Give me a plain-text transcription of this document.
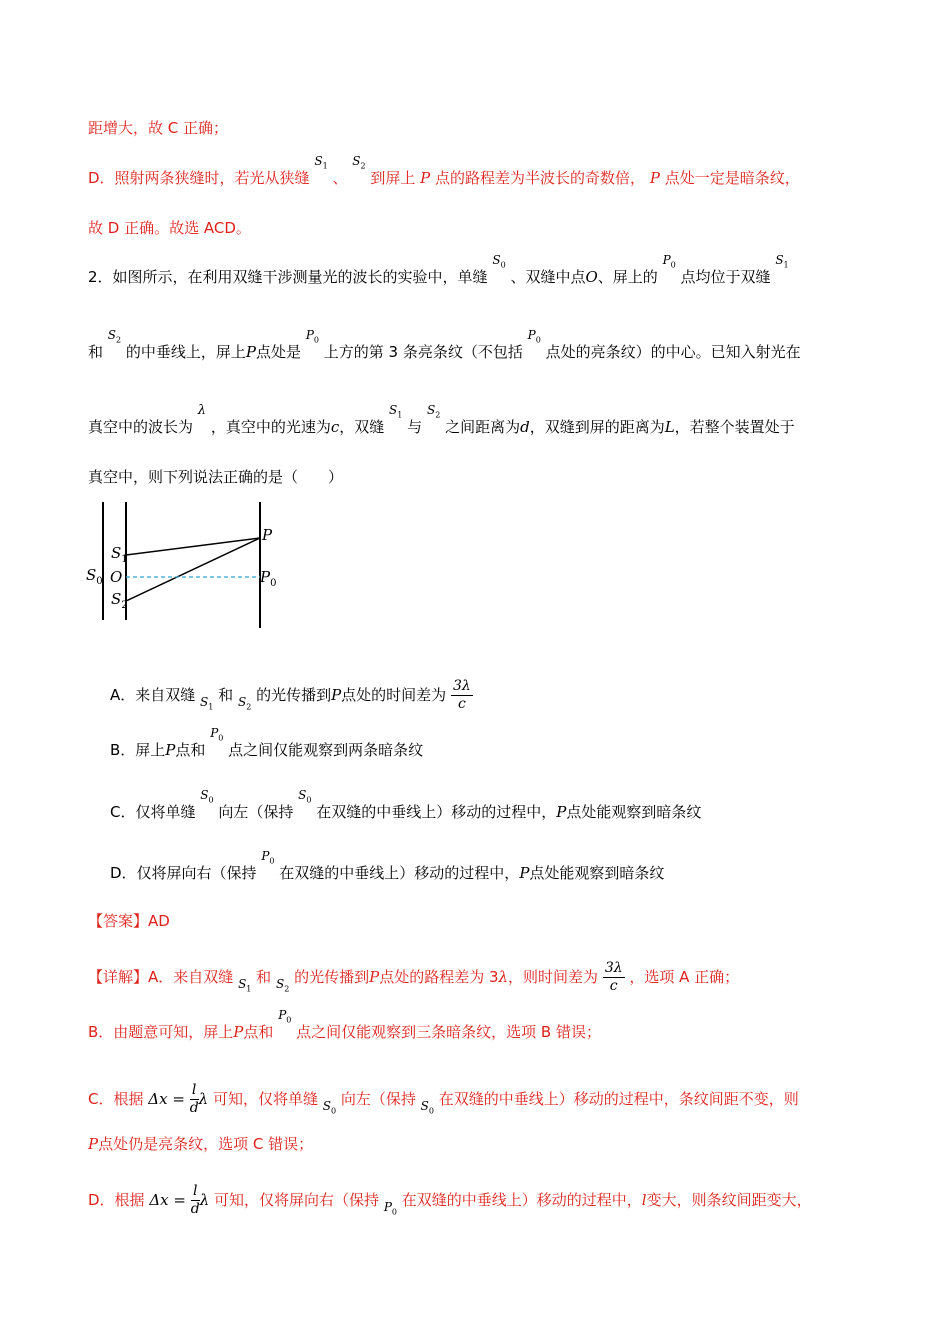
距增大，故 C 正确；
D．照射两条狭缝时，若光从狭缝 $^{S_1}$ 、 $^{S_2}$ 到屏上 P 点的路程差为半波长的奇数倍， P 点处一定是暗条纹，
故 D 正确。故选 ACD。
2．如图所示，在利用双缝干涉测量光的波长的实验中，单缝 $^{S_0}$ 、双缝中点O、屏上的 $^{P_0}$ 点均位于双缝 $^{S_1}$
和 $^{S_2}$ 的中垂线上，屏上P点处是 $^{P_0}$ 上方的第 3 条亮条纹（不包括 $^{P_0}$ 点处的亮条纹）的中心。已知入射光在
真空中的波长为 λ ，真空中的光速为c，双缝 $^{S_1}$ 与 $^{S_2}$ 之间距离为d，双缝到屏的距离为L，若整个装置处于
真空中，则下列说法正确的是（　　）
P
$P_0$
$S_1$
O
$S_2$
$S_0$
A．来自双缝 $_{S_1}$ 和 $_{S_2}$ 的光传播到P点处的时间差为 $\frac{3\lambda}{c}$
B．屏上P点和 $^{P_0}$ 点之间仅能观察到两条暗条纹
C．仅将单缝 $^{S_0}$ 向左（保持 $^{S_0}$ 在双缝的中垂线上）移动的过程中，P点处能观察到暗条纹
D．仅将屏向右（保持 $^{P_0}$ 在双缝的中垂线上）移动的过程中，P点处能观察到暗条纹
【答案】AD
【详解】A．来自双缝 $_{S_1}$ 和 $_{S_2}$ 的光传播到P点处的路程差为 3λ，则时间差为 $\frac{3\lambda}{c}$ ，选项 A 正确；
B．由题意可知，屏上P点和 $^{P_0}$ 点之间仅能观察到三条暗条纹，选项 B 错误；
C．根据 $\Delta x = \frac{l}{d}$ λ 可知，仅将单缝 $_{S_0}$ 向左（保持 $_{S_0}$ 在双缝的中垂线上）移动的过程中，条纹间距不变，则
P点处仍是亮条纹，选项 C 错误；
D．根据 $\Delta x = \frac{l}{d}$ λ 可知，仅将屏向右（保持 $_{P_0}$ 在双缝的中垂线上）移动的过程中，l变大，则条纹间距变大，
